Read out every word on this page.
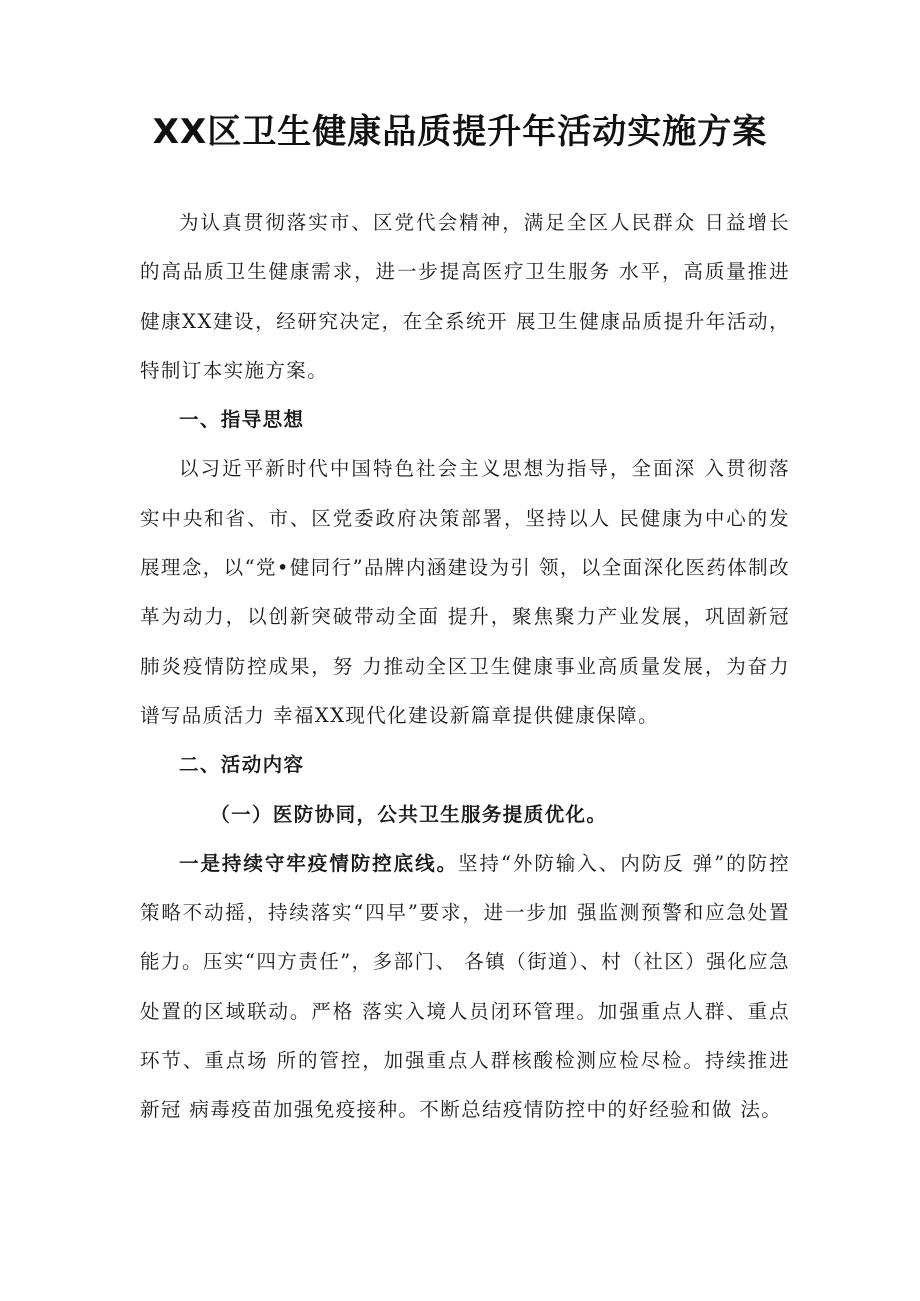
XX区卫生健康品质提升年活动实施方案

为认真贯彻落实市、区党代会精神，满足全区人民群众 日益增长的高品质卫生健康需求，进一步提高医疗卫生服务 水平，高质量推进健康XX建设，经研究决定，在全系统开 展卫生健康品质提升年活动，特制订本实施方案。

一、指导思想

以习近平新时代中国特色社会主义思想为指导，全面深 入贯彻落实中央和省、市、区党委政府决策部署，坚持以人 民健康为中心的发展理念，以“党•健同行”品牌内涵建设为引 领，以全面深化医药体制改革为动力，以创新突破带动全面 提升，聚焦聚力产业发展，巩固新冠肺炎疫情防控成果，努 力推动全区卫生健康事业高质量发展，为奋力谱写品质活力 幸福XX现代化建设新篇章提供健康保障。

二、活动内容

（一）医防协同，公共卫生服务提质优化。

一是持续守牢疫情防控底线。坚持“外防输入、内防反 弹”的防控策略不动摇，持续落实“四早”要求，进一步加 强监测预警和应急处置能力。压实“四方责任”，多部门、 各镇（街道）、村（社区）强化应急处置的区域联动。严格 落实入境人员闭环管理。加强重点人群、重点环节、重点场 所的管控，加强重点人群核酸检测应检尽检。持续推进新冠 病毒疫苗加强免疫接种。不断总结疫情防控中的好经验和做 法。
